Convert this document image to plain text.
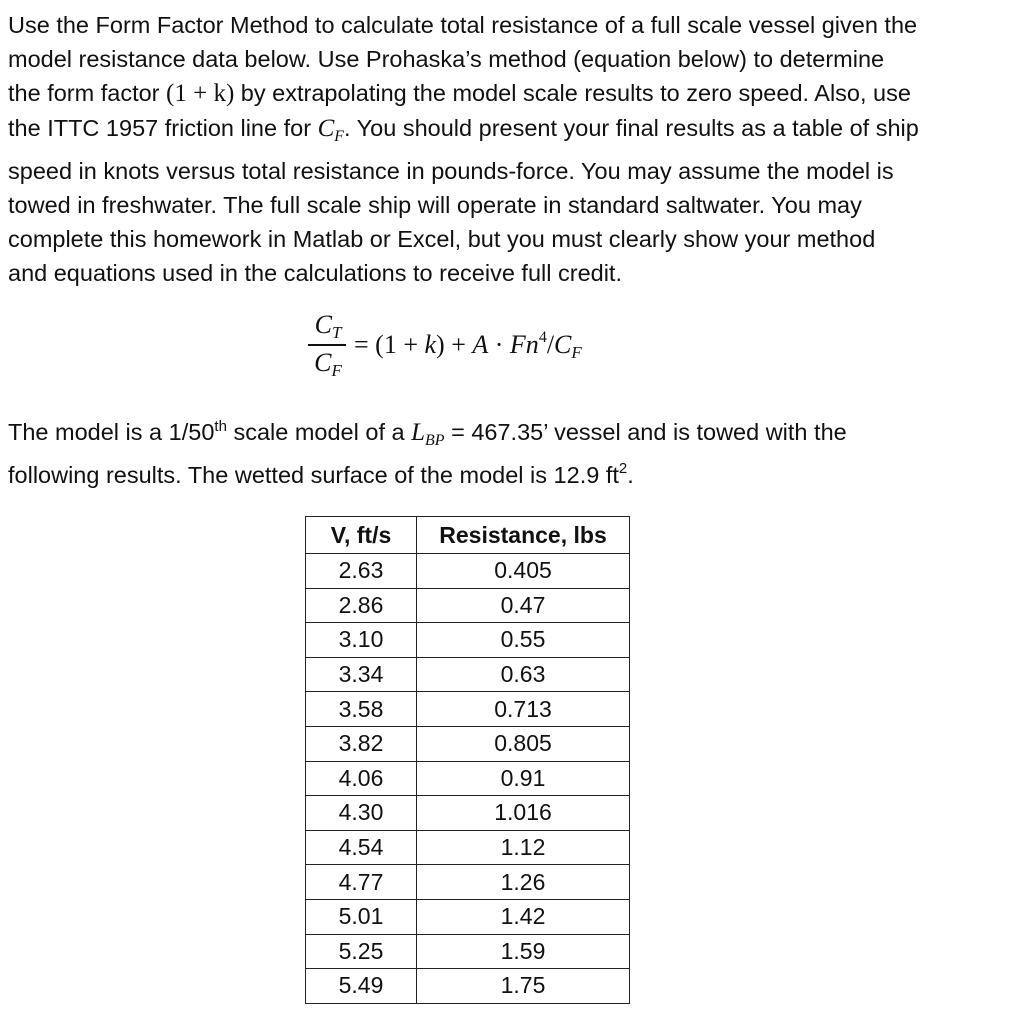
Use the Form Factor Method to calculate total resistance of a full scale vessel given the
model resistance data below. Use Prohaska’s method (equation below) to determine
the form factor (1 + k) by extrapolating the model scale results to zero speed. Also, use
the ITTC 1957 friction line for $C_F$. You should present your final results as a table of ship
speed in knots versus total resistance in pounds-force. You may assume the model is
towed in freshwater. The full scale ship will operate in standard saltwater. You may
complete this homework in Matlab or Excel, but you must clearly show your method
and equations used in the calculations to receive full credit.
CT
CF
= $(1 + k) + A \cdot Fn^4/CF$
The model is a 1/50th scale model of a $L_{BP} = 467.35$’ vessel and is towed with the
following results. The wetted surface of the model is 12.9 $ft^2$.
V, ft/s	Resistance, lbs
2.63	0.405
2.86	0.47
3.10	0.55
3.34	0.63
3.58	0.713
3.82	0.805
4.06	0.91
4.30	1.016
4.54	1.12
4.77	1.26
5.01	1.42
5.25	1.59
5.49	1.75
